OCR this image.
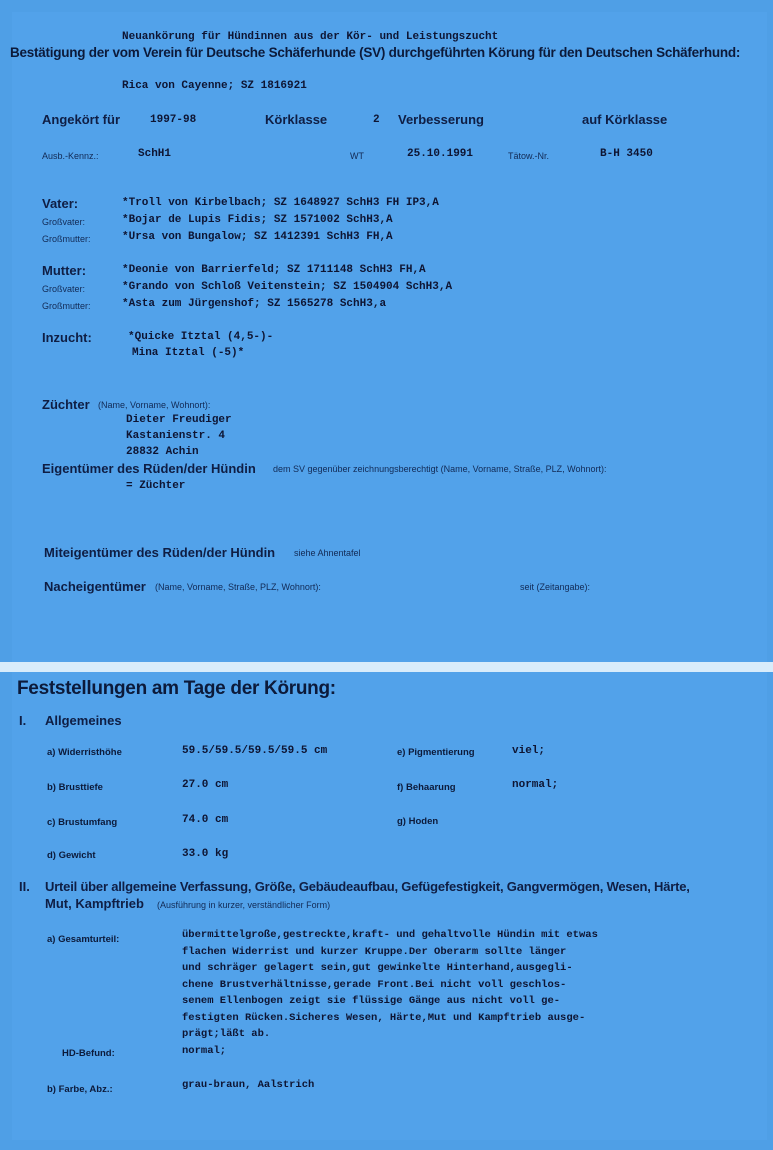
Neuankörung für Hündinnen aus der Kör- und Leistungszucht
Bestätigung der vom Verein für Deutsche Schäferhunde (SV) durchgeführten Körung für den Deutschen Schäferhund:
Rica von Cayenne; SZ 1816921
Angekört für	1997-98	Körklasse	2 Verbesserung	auf Körklasse
Ausb.-Kennz.:	SchH1	WT	25.10.1991	Tätow.-Nr.	B-H 3450
Vater:	*Troll von Kirbelbach; SZ 1648927 SchH3 FH IP3,A
Großvater:	*Bojar de Lupis Fidis; SZ 1571002 SchH3,A
Großmutter:	*Ursa von Bungalow; SZ 1412391 SchH3 FH,A
Mutter:	*Deonie von Barrierfeld; SZ 1711148 SchH3 FH,A
Großvater:	*Grando von Schloß Veitenstein; SZ 1504904 SchH3,A
Großmutter:	*Asta zum Jürgenshof; SZ 1565278 SchH3,a
Inzucht:	*Quicke Itztal (4,5-)-
Mina Itztal (-5)*
Züchter (Name, Vorname, Wohnort):
Dieter Freudiger
Kastanienstr. 4
28832 Achin
Eigentümer des Rüden/der Hündin dem SV gegenüber zeichnungsberechtigt (Name, Vorname, Straße, PLZ, Wohnort):
= Züchter
Miteigentümer des Rüden/der Hündin siehe Ahnentafel
Nacheigentümer (Name, Vorname, Straße, PLZ, Wohnort):	seit (Zeitangabe):
Feststellungen am Tage der Körung:
I. Allgemeines
a) Widerristhöhe	59.5/59.5/59.5/59.5 cm	e) Pigmentierung	viel;
b) Brusttiefe	27.0 cm	f) Behaarung	normal;
c) Brustumfang	74.0 cm	g) Hoden
d) Gewicht	33.0 kg
II. Urteil über allgemeine Verfassung, Größe, Gebäudeaufbau, Gefügefestigkeit, Gangvermögen, Wesen, Härte,
Mut, Kampftrieb (Ausführung in kurzer, verständlicher Form)
a) Gesamturteil:	übermittelgroße,gestreckte,kraft- und gehaltvolle Hündin mit etwas
flachen Widerrist und kurzer Kruppe.Der Oberarm sollte länger
und schräger gelagert sein,gut gewinkelte Hinterhand,ausgegli-
chene Brustverhältnisse,gerade Front.Bei nicht voll geschlos-
senem Ellenbogen zeigt sie flüssige Gänge aus nicht voll ge-
festigten Rücken.Sicheres Wesen, Härte,Mut und Kampftrieb ausge-
prägt;läßt ab.
HD-Befund:	normal;
b) Farbe, Abz.:	grau-braun, Aalstrich
